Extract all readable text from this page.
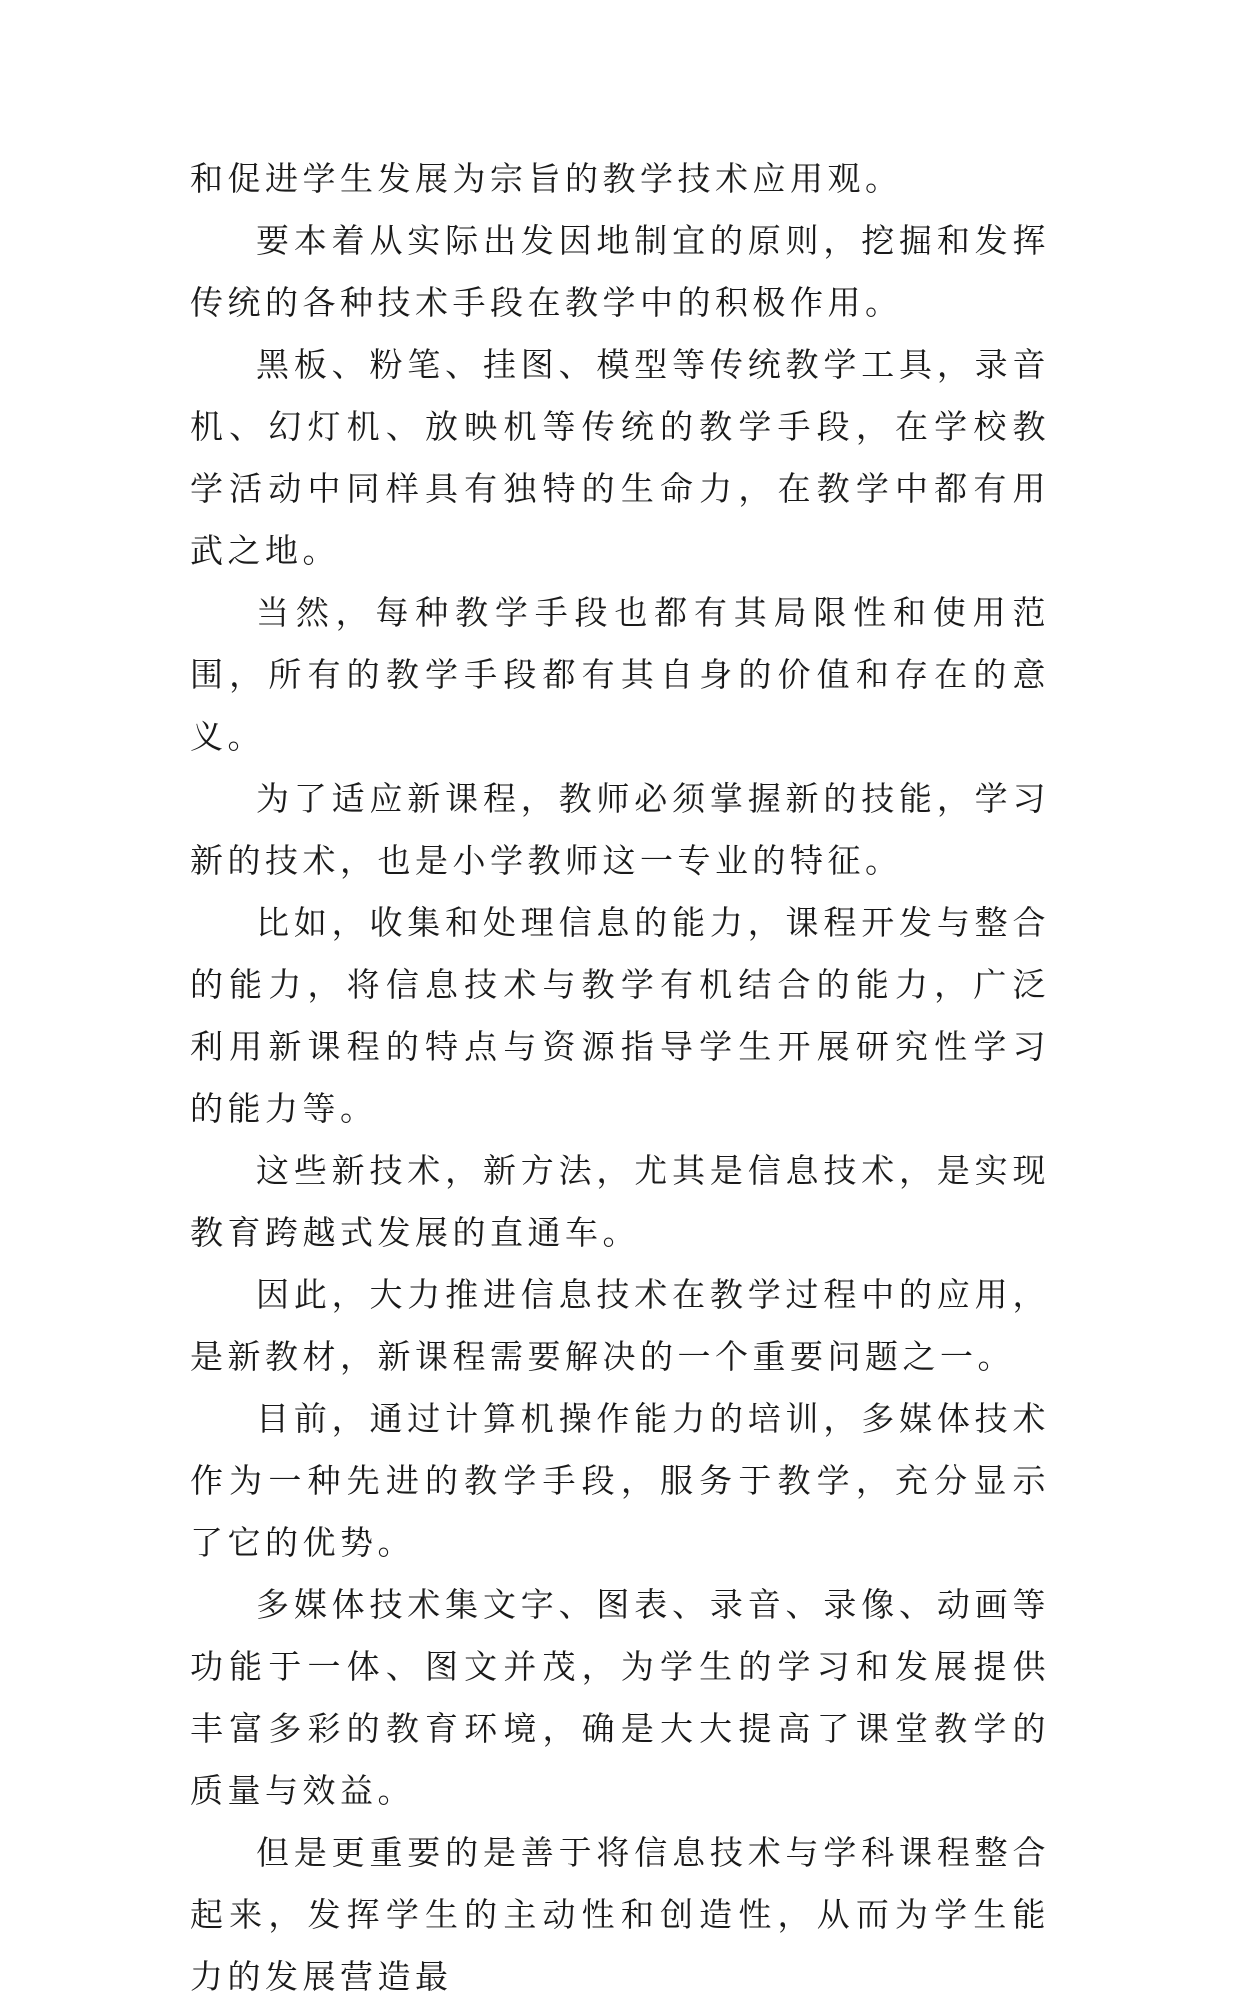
和促进学生发展为宗旨的教学技术应用观。

要本着从实际出发因地制宜的原则，挖掘和发挥传统的各种技术手段在教学中的积极作用。

黑板、粉笔、挂图、模型等传统教学工具，录音机、幻灯机、放映机等传统的教学手段，在学校教学活动中同样具有独特的生命力，在教学中都有用武之地。

当然，每种教学手段也都有其局限性和使用范围，所有的教学手段都有其自身的价值和存在的意义。

为了适应新课程，教师必须掌握新的技能，学习新的技术，也是小学教师这一专业的特征。

比如，收集和处理信息的能力，课程开发与整合的能力，将信息技术与教学有机结合的能力，广泛利用新课程的特点与资源指导学生开展研究性学习的能力等。

这些新技术，新方法，尤其是信息技术，是实现教育跨越式发展的直通车。

因此，大力推进信息技术在教学过程中的应用，是新教材，新课程需要解决的一个重要问题之一。

目前，通过计算机操作能力的培训，多媒体技术作为一种先进的教学手段，服务于教学，充分显示了它的优势。

多媒体技术集文字、图表、录音、录像、动画等功能于一体、图文并茂，为学生的学习和发展提供丰富多彩的教育环境，确是大大提高了课堂教学的质量与效益。

但是更重要的是善于将信息技术与学科课程整合起来，发挥学生的主动性和创造性，从而为学生能力的发展营造最
